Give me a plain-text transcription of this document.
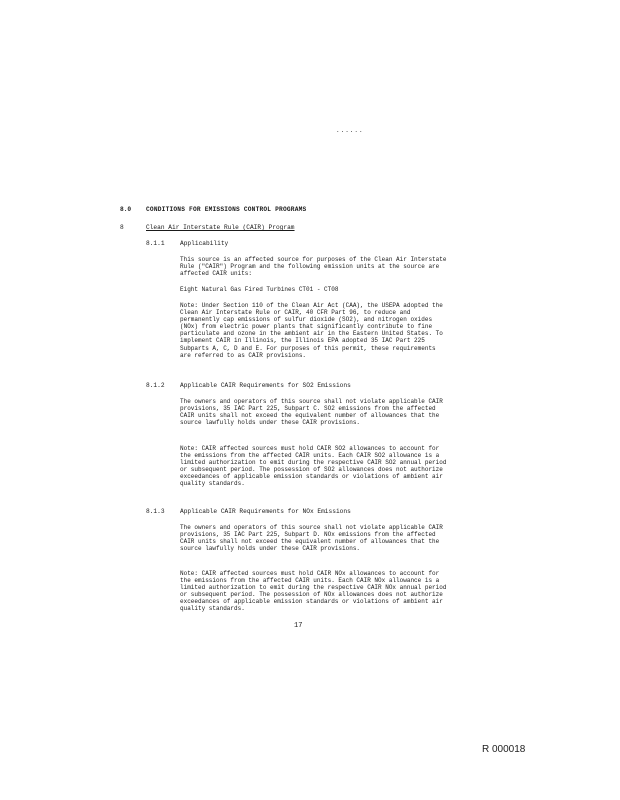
......
8.0 CONDITIONS FOR EMISSIONS CONTROL PROGRAMS
8	Clean Air Interstate Rule (CAIR) Program
8.1.1 Applicability
This source is an affected source for purposes of the Clean Air Interstate Rule ("CAIR") Program and the following emission units at the source are affected CAIR units:
Eight Natural Gas Fired Turbines CT01 - CT08
Note: Under Section 110 of the Clean Air Act (CAA), the USEPA adopted the Clean Air Interstate Rule or CAIR, 40 CFR Part 96, to reduce and permanently cap emissions of sulfur dioxide (SO2), and nitrogen oxides (NOx) from electric power plants that significantly contribute to fine particulate and ozone in the ambient air in the Eastern United States. To implement CAIR in Illinois, the Illinois EPA adopted 35 IAC Part 225 Subparts A, C, D and E. For purposes of this permit, these requirements are referred to as CAIR provisions.
8.1.2 Applicable CAIR Requirements for SO2 Emissions
The owners and operators of this source shall not violate applicable CAIR provisions, 35 IAC Part 225, Subpart C. SO2 emissions from the affected CAIR units shall not exceed the equivalent number of allowances that the source lawfully holds under these CAIR provisions.
Note: CAIR affected sources must hold CAIR SO2 allowances to account for the emissions from the affected CAIR units. Each CAIR SO2 allowance is a limited authorization to emit during the respective CAIR SO2 annual period or subsequent period. The possession of SO2 allowances does not authorize exceedances of applicable emission standards or violations of ambient air quality standards.
8.1.3 Applicable CAIR Requirements for NOx Emissions
The owners and operators of this source shall not violate applicable CAIR provisions, 35 IAC Part 225, Subpart D. NOx emissions from the affected CAIR units shall not exceed the equivalent number of allowances that the source lawfully holds under these CAIR provisions.
Note: CAIR affected sources must hold CAIR NOx allowances to account for the emissions from the affected CAIR units. Each CAIR NOx allowance is a limited authorization to emit during the respective CAIR NOx annual period or subsequent period. The possession of NOx allowances does not authorize exceedances of applicable emission standards or violations of ambient air quality standards.
17
R 000018
